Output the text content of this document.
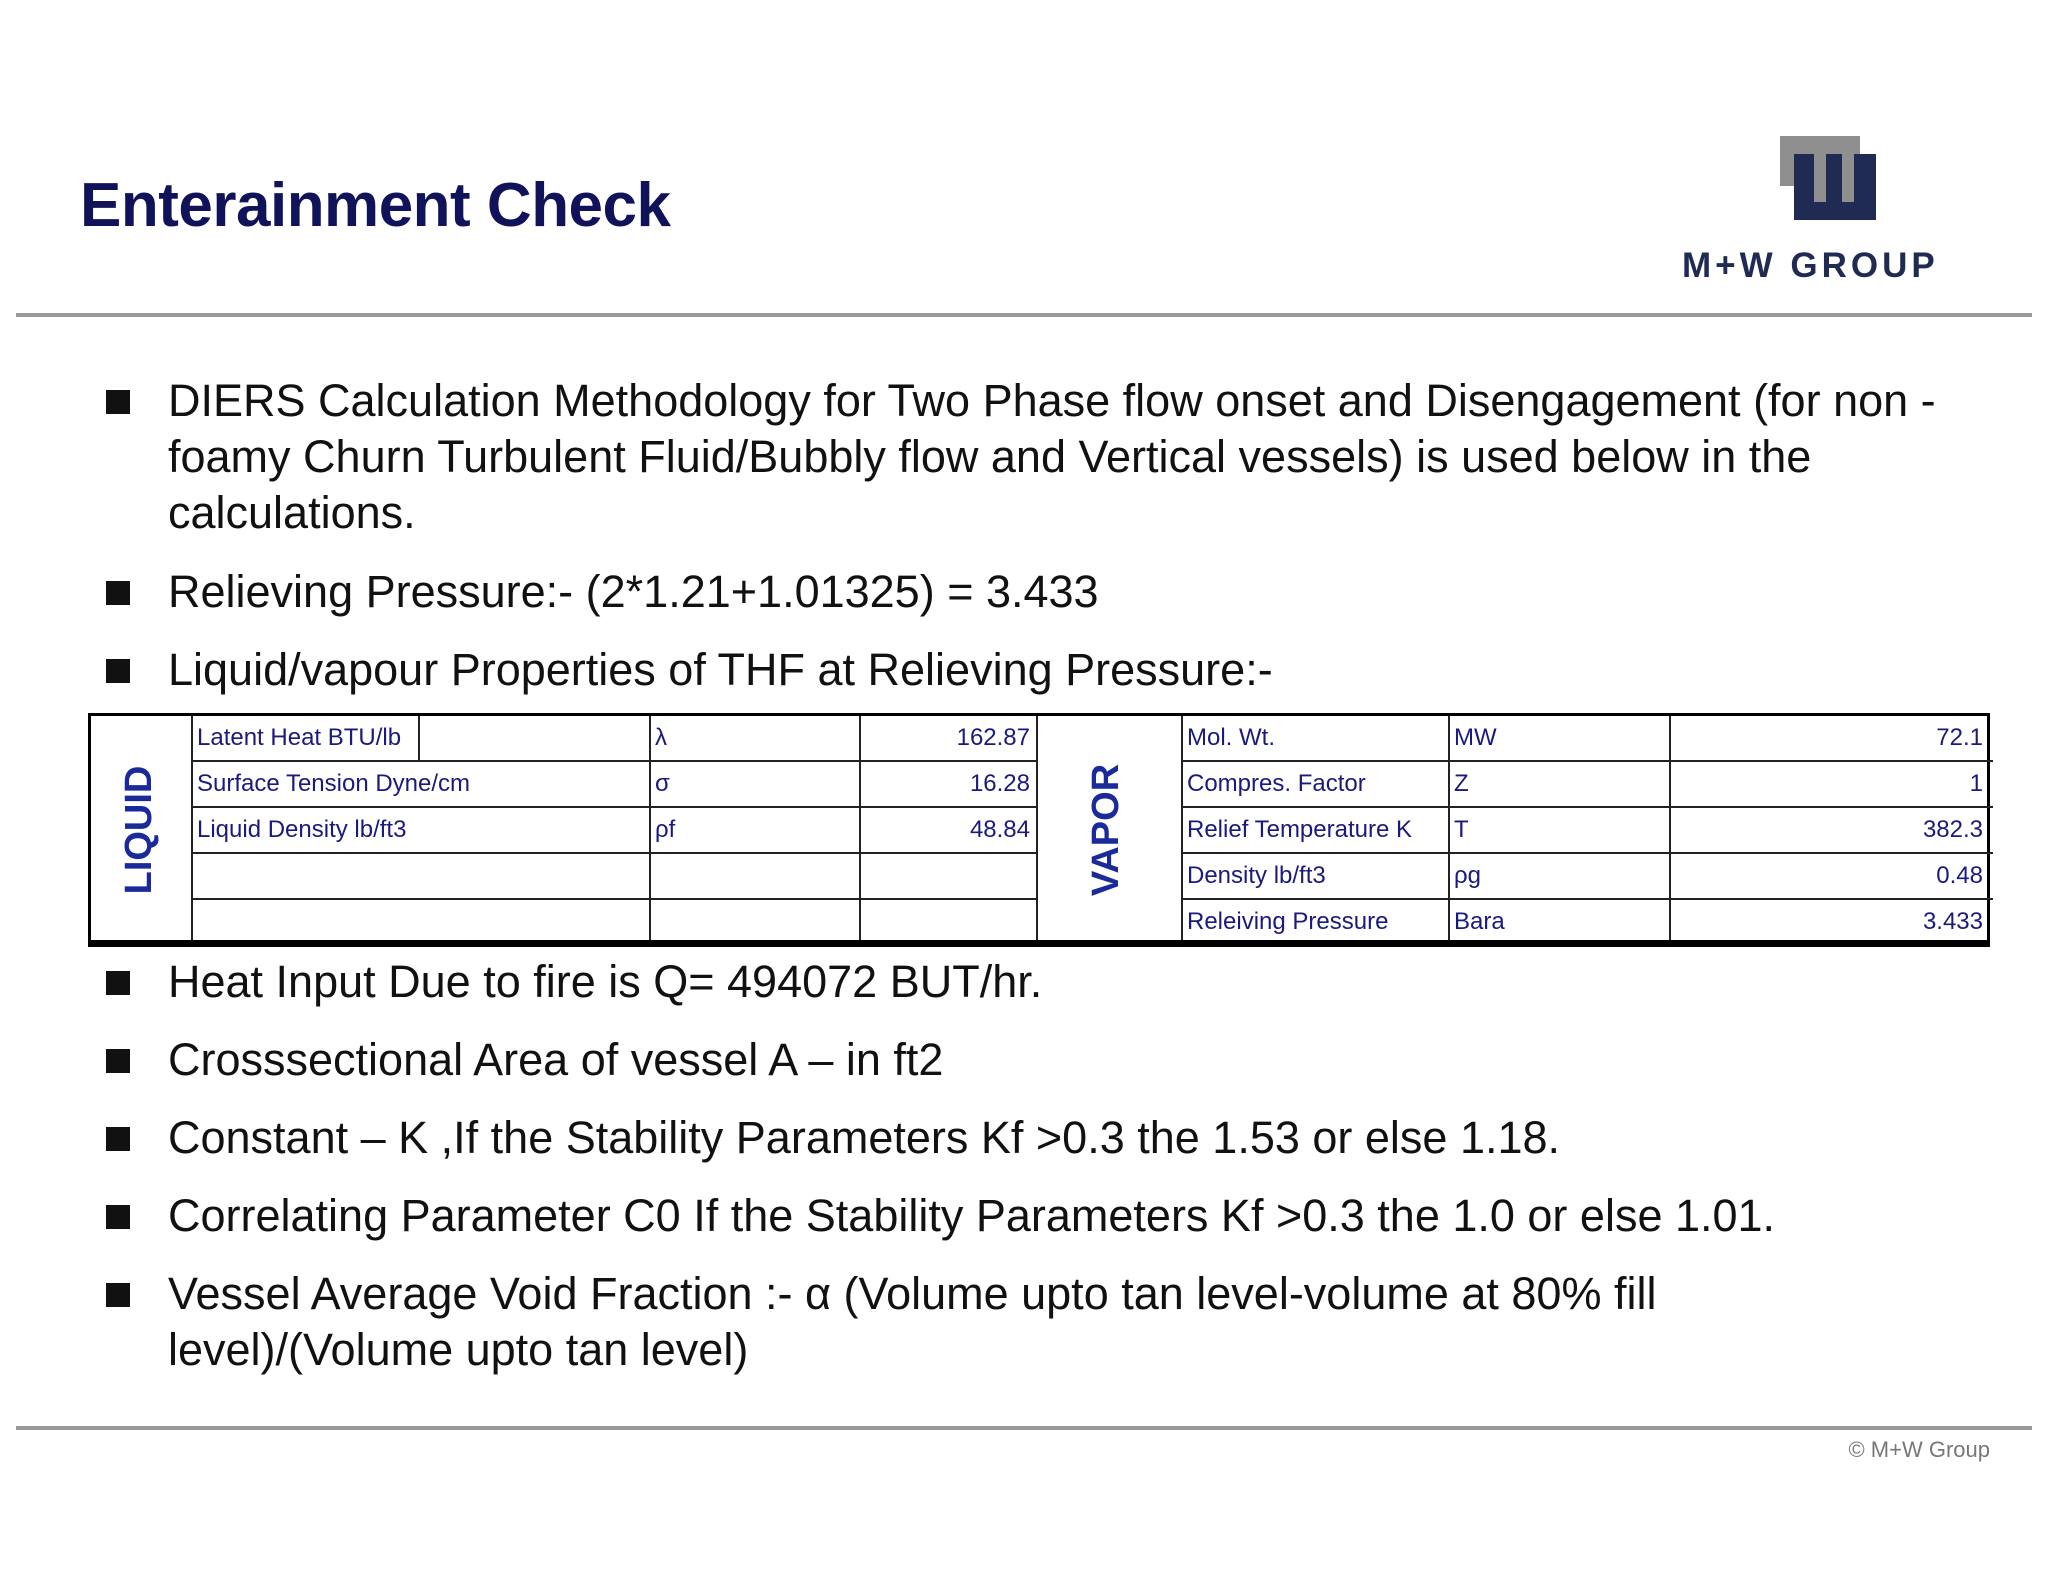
Enterainment Check
M+W GROUP
DIERS Calculation Methodology for Two Phase flow onset and Disengagement (for non -foamy Churn Turbulent Fluid/Bubbly flow and Vertical vessels) is used below in the calculations.
Relieving Pressure:- (2*1.21+1.01325) = 3.433
Liquid/vapour Properties of THF at Relieving Pressure:-
LIQUID	VAPOR
Latent Heat BTU/lb	λ	162.87
Surface Tension Dyne/cm	σ	16.28
Liquid Density lb/ft3	ρf	48.84
Mol. Wt.	MW	72.1
Compres. Factor	Z	1
Relief Temperature K	T	382.3
Density lb/ft3	ρg	0.48
Releiving Pressure	Bara	3.433
Heat Input Due to fire is Q= 494072 BUT/hr.
Crosssectional Area of vessel A – in ft2
Constant – K ,If the Stability Parameters Kf >0.3 the 1.53 or else 1.18.
Correlating Parameter C0 If the Stability Parameters Kf >0.3 the 1.0 or else 1.01.
Vessel Average Void Fraction :- α (Volume upto tan level-volume at 80% fill level)/(Volume upto tan level)
© M+W Group
